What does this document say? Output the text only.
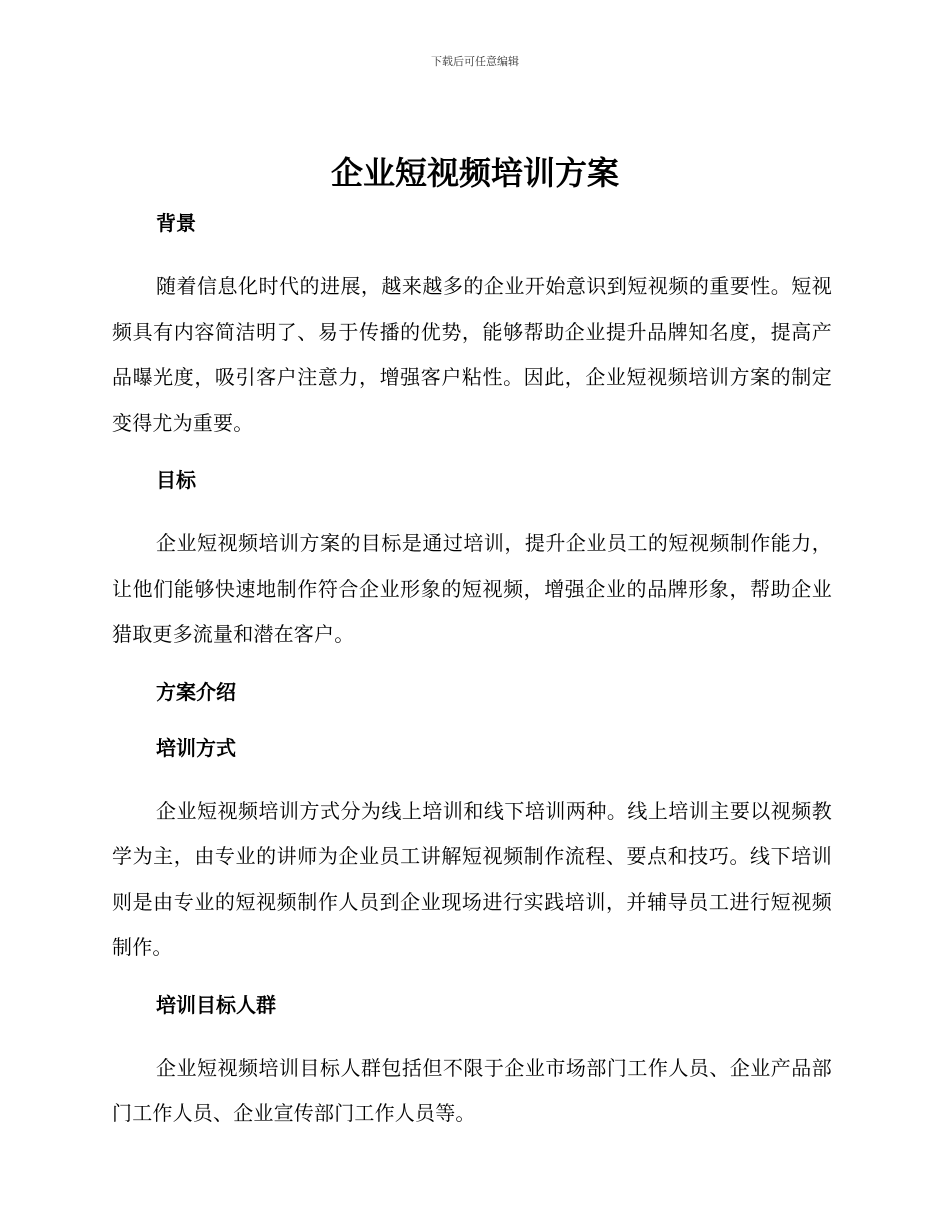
下载后可任意编辑
企业短视频培训方案
背景
随着信息化时代的进展，越来越多的企业开始意识到短视频的重要性。短视频具有内容简洁明了、易于传播的优势，能够帮助企业提升品牌知名度，提高产品曝光度，吸引客户注意力，增强客户粘性。因此，企业短视频培训方案的制定变得尤为重要。
目标
企业短视频培训方案的目标是通过培训，提升企业员工的短视频制作能力，让他们能够快速地制作符合企业形象的短视频，增强企业的品牌形象，帮助企业猎取更多流量和潜在客户。
方案介绍
培训方式
企业短视频培训方式分为线上培训和线下培训两种。线上培训主要以视频教学为主，由专业的讲师为企业员工讲解短视频制作流程、要点和技巧。线下培训则是由专业的短视频制作人员到企业现场进行实践培训，并辅导员工进行短视频制作。
培训目标人群
企业短视频培训目标人群包括但不限于企业市场部门工作人员、企业产品部门工作人员、企业宣传部门工作人员等。
